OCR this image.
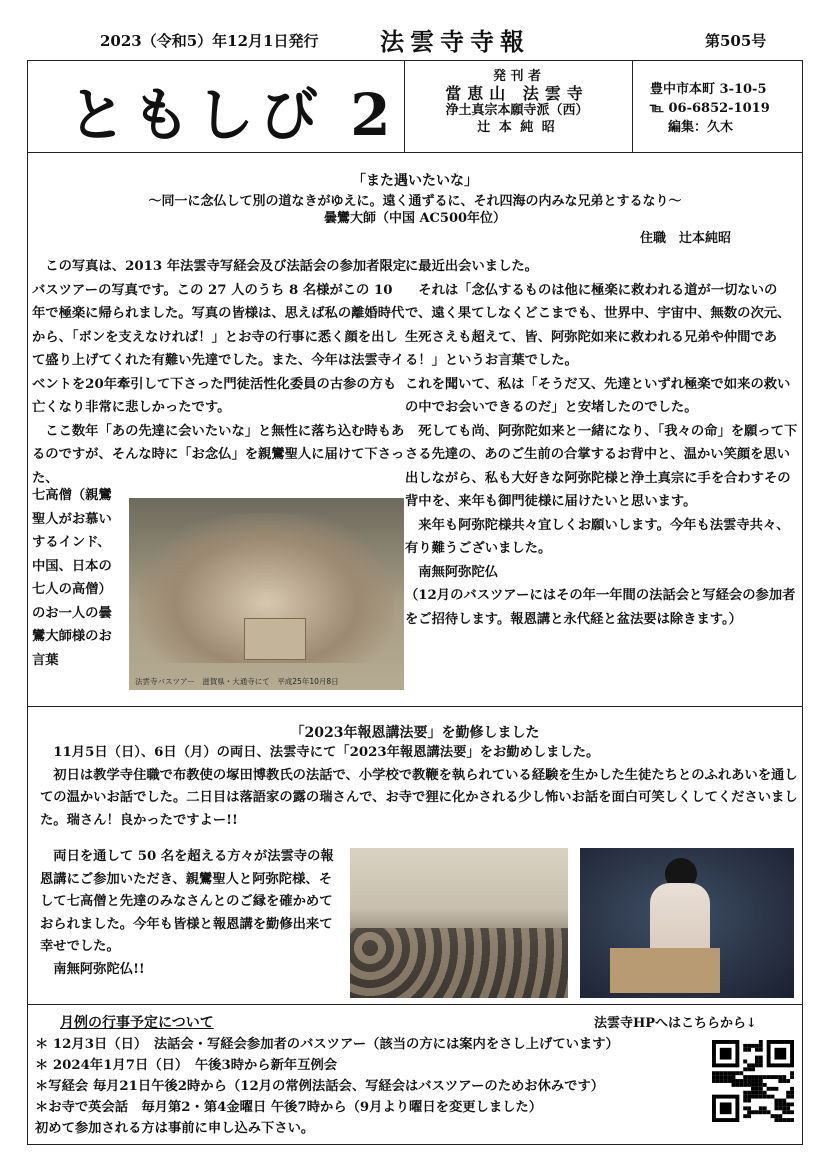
2023（令和5）年12月1日発行	法雲寺寺報	第505号
ともしび 2
発 刊 者
當恵山 法雲寺
浄土真宗本願寺派（西）
辻 本 純 昭
豊中市本町 3-10-5
℡ 06-6852-1019
編集：久木
「また遇いたいな」
～同一に念仏して別の道なきがゆえに。遠く通ずるに、それ四海の内みな兄弟とするなり～
曇鸞大師（中国 AC500年位）
住職　辻本純昭

　この写真は、2013 年法雲寺写経会及び法話会の参加者限定バスツアーの写真です。この 27 人のうち 8 名様がこの 10 年で極楽に帰られました。写真の皆様は、思えば私の離婚時代から、「ボンを支えなければ！」とお寺の行事に悉く顔を出して盛り上げてくれた有難い先達でした。また、今年は法雲寺イベントを20年牽引して下さった門徒活性化委員の古参の方も亡くなり非常に悲しかったです。

　ここ数年「あの先達に会いたいな」と無性に落ち込む時もあるのですが、そんな時に「お念仏」を親鸞聖人に届けて下さった、

七高僧（親鸞聖人がお慕いするインド、中国、日本の七人の高僧）のお一人の曇鸞大師様のお言葉
法雲寺バスツアー　滋賀県・大通寺にて　平成25年10月8日

に最近出会いました。

　それは「念仏するものは他に極楽に救われる道が一切ないので、遠く果てしなくどこまでも、世界中、宇宙中、無数の次元、生死さえも超えて、皆、阿弥陀如来に救われる兄弟や仲間である！」というお言葉でした。

これを聞いて、私は「そうだ又、先達といずれ極楽で如来の救いの中でお会いできるのだ」と安堵したのでした。

　死しても尚、阿弥陀如来と一緒になり、「我々の命」を願って下さる先達の、あのご生前の合掌するお背中と、温かい笑顔を思い出しながら、私も大好きな阿弥陀様と浄土真宗に手を合わすその背中を、来年も御門徒様に届けたいと思います。

　来年も阿弥陀様共々宜しくお願いします。今年も法雲寺共々、有り難うございました。

　南無阿弥陀仏

（12月のバスツアーにはその年一年間の法話会と写経会の参加者をご招待します。報恩講と永代経と盆法要は除きます。）

「2023年報恩講法要」を勤修しました
　11月5日（日）、6日（月）の両日、法雲寺にて「2023年報恩講法要」をお勤めしました。
　初日は教学寺住職で布教使の塚田博教氏の法話で、小学校で教鞭を執られている経験を生かした生徒たちとのふれあいを通しての温かいお話でした。二日目は落語家の露の瑞さんで、お寺で狸に化かされる少し怖いお話を面白可笑しくしてくださいました。瑞さん！良かったですよー!!
　両日を通して 50 名を超える方々が法雲寺の報恩講にご参加いただき、親鸞聖人と阿弥陀様、そして七高僧と先達のみなさんとのご縁を確かめておられました。今年も皆様と報恩講を勤修出来て幸せでした。
　南無阿弥陀仏!!
月例の行事予定について	法雲寺HPへはこちらから↓
＊ 12月3日（日）　法話会・写経会参加者のバスツアー（該当の方には案内をさし上げています）
＊ 2024年1月7日（日）　午後3時から新年互例会
＊写経会 毎月21日午後2時から（12月の常例法話会、写経会はバスツアーのためお休みです）
＊お寺で英会話　毎月第2・第4金曜日 午後7時から（9月より曜日を変更しました）
初めて参加される方は事前に申し込み下さい。
